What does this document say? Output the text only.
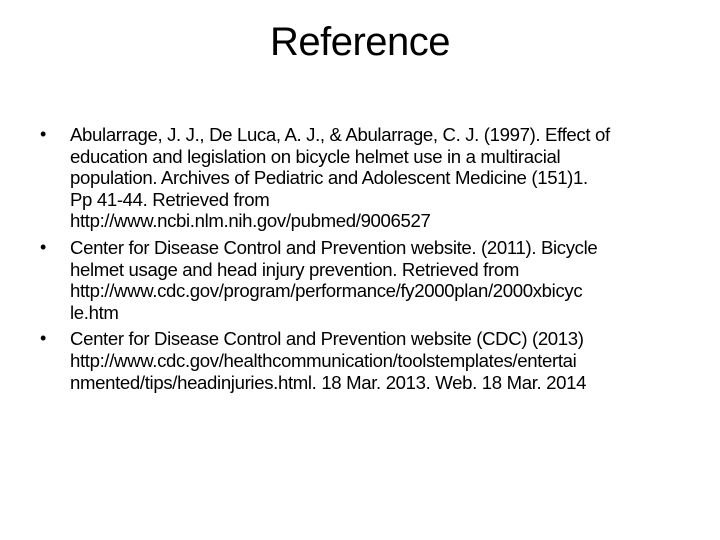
Reference
• Abularrage, J. J., De Luca, A. J., & Abularrage, C. J. (1997). Effect of
education and legislation on bicycle helmet use in a multiracial
population. Archives of Pediatric and Adolescent Medicine (151)1.
Pp 41-44. Retrieved from
http://www.ncbi.nlm.nih.gov/pubmed/9006527
• Center for Disease Control and Prevention website. (2011). Bicycle
helmet usage and head injury prevention. Retrieved from
http://www.cdc.gov/program/performance/fy2000plan/2000xbicyc
le.htm
• Center for Disease Control and Prevention website (CDC) (2013)
http://www.cdc.gov/healthcommunication/toolstemplates/entertai
nmented/tips/headinjuries.html. 18 Mar. 2013. Web. 18 Mar. 2014
